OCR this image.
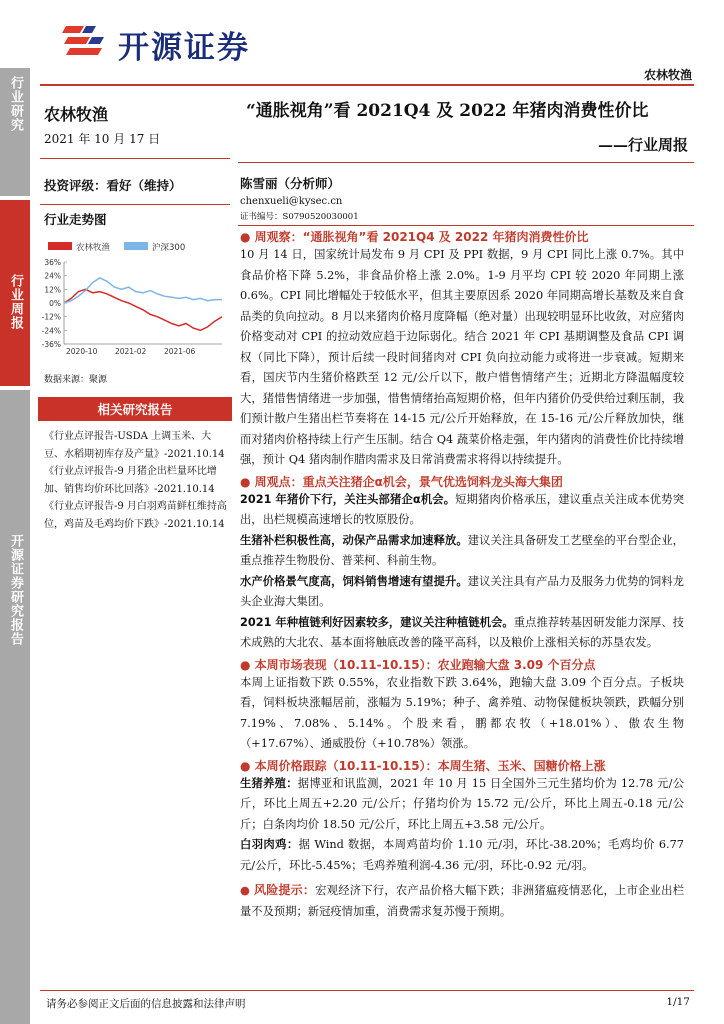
开源证券
农林牧渔
行业研究
行业周报
开源证券研究报告
农林牧渔
2021 年 10 月 17 日
投资评级：看好（维持）
行业走势图
农林牧渔	沪深300
36%
24%
12%
0%
-12%
-24%
-36%
2020-10 2021-02 2021-06
数据来源：聚源
相关研究报告

《行业点评报告-USDA 上调玉米、大豆、水稻期初库存及产量》-2021.10.14

《行业点评报告-9 月猪企出栏量环比增加、销售均价环比回落》-2021.10.14

《行业点评报告-9 月白羽鸡苗鲜杠维持高位，鸡苗及毛鸡均价下跌》-2021.10.14

“通胀视角”看 2021Q4 及 2022 年猪肉消费性价比
——行业周报
陈雪丽（分析师）
chenxueli@kysec.cn
证书编号：S0790520030001
● 周观察：“通胀视角”看 2021Q4 及 2022 年猪肉消费性价比
10 月 14 日，国家统计局发布 9 月 CPI 及 PPI 数据，9 月 CPI 同比上涨 0.7%。其中食品价格下降 5.2%，非食品价格上涨 2.0%。1-9 月平均 CPI 较 2020 年同期上涨 0.6%。CPI 同比增幅处于较低水平，但其主要原因系 2020 年同期高增长基数及来自食品类的负向拉动。8 月以来猪肉价格月度降幅（绝对量）出现较明显环比收敛，对应猪肉价格变动对 CPI 的拉动效应趋于边际弱化。结合 2021 年 CPI 基期调整及食品 CPI 调权（同比下降），预计后续一段时间猪肉对 CPI 负向拉动能力或将进一步衰减。短期来看，国庆节内生猪价格跌至 12 元/公斤以下，散户惜售情绪产生；近期北方降温幅度较大，猪惜售情绪进一步加强，惜售情绪抬高短期价格，但年内猪价仍受供给过剩压制，我们预计散户生猪出栏节奏将在 14-15 元/公斤开始释放，在 15-16 元/公斤释放加快，继而对猪肉价格持续上行产生压制。结合 Q4 蔬菜价格走强，年内猪肉的消费性价比持续增强，预计 Q4 猪肉制作腊肉需求及日常消费需求将得以持续提升。
● 周观点：重点关注猪企α机会，景气优选饲料龙头海大集团
2021 年猪价下行，关注头部猪企α机会。短期猪肉价格承压，建议重点关注成本优势突出，出栏规模高速增长的牧原股份。
生猪补栏积极性高，动保产品需求加速释放。建议关注具备研发工艺壁垒的平台型企业，重点推荐生物股份、普莱柯、科前生物。
水产价格景气度高，饲料销售增速有望提升。建议关注具有产品力及服务力优势的饲料龙头企业海大集团。
2021 年种植链利好因素较多，建议关注种植链机会。重点推荐转基因研发能力深厚、技术成熟的大北农、基本面将触底改善的隆平高科，以及粮价上涨相关标的苏垦农发。
● 本周市场表现（10.11-10.15）：农业跑输大盘 3.09 个百分点
本周上证指数下跌 0.55%，农业指数下跌 3.64%，跑输大盘 3.09 个百分点。子板块看，饲料板块涨幅居前，涨幅为 5.19%；种子、禽养殖、动物保健板块领跌，跌幅分别 7.19%、7.08%、5.14%。个股来看，鹏都农牧（+18.01%）、傲农生物（+17.67%）、通威股份（+10.78%）领涨。
● 本周价格跟踪（10.11-10.15）：本周生猪、玉米、国糖价格上涨
生猪养殖：据博亚和讯监测，2021 年 10 月 15 日全国外三元生猪均价为 12.78 元/公斤，环比上周五+2.20 元/公斤；仔猪均价为 15.72 元/公斤，环比上周五-0.18 元/公斤；白条肉均价 18.50 元/公斤，环比上周五+3.58 元/公斤。
白羽肉鸡：据 Wind 数据，本周鸡苗均价 1.10 元/羽，环比-38.20%；毛鸡均价 6.77 元/公斤，环比-5.45%；毛鸡养殖利润-4.36 元/羽，环比-0.92 元/羽。
● 风险提示：宏观经济下行，农产品价格大幅下跌；非洲猪瘟疫情恶化，上市企业出栏量不及预期；新冠疫情加重，消费需求复苏慢于预期。
请务必参阅正文后面的信息披露和法律声明	1/17
